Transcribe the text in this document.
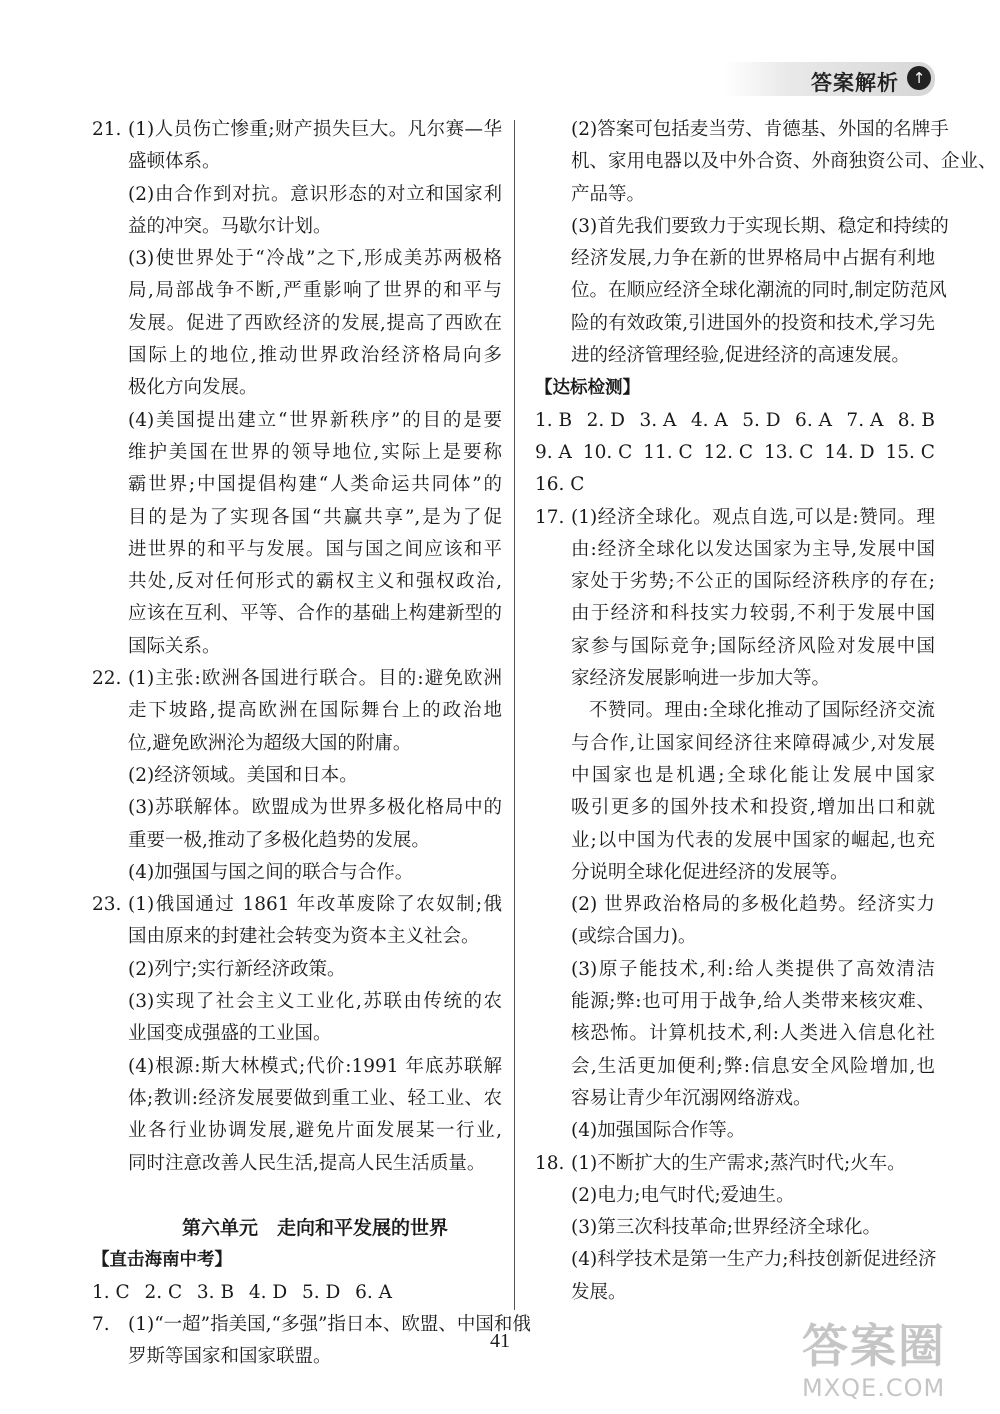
答案解析 ↑
21. (1)人员伤亡惨重;财产损失巨大。凡尔赛—华
盛顿体系。
(2)由合作到对抗。意识形态的对立和国家利
益的冲突。马歇尔计划。
(3)使世界处于“冷战”之下,形成美苏两极格
局,局部战争不断,严重影响了世界的和平与
发展。促进了西欧经济的发展,提高了西欧在
国际上的地位,推动世界政治经济格局向多
极化方向发展。
(4)美国提出建立“世界新秩序”的目的是要
维护美国在世界的领导地位,实际上是要称
霸世界;中国提倡构建“人类命运共同体”的
目的是为了实现各国“共赢共享”,是为了促
进世界的和平与发展。国与国之间应该和平
共处,反对任何形式的霸权主义和强权政治,
应该在互利、平等、合作的基础上构建新型的
国际关系。
22. (1)主张:欧洲各国进行联合。目的:避免欧洲
走下坡路,提高欧洲在国际舞台上的政治地
位,避免欧洲沦为超级大国的附庸。
(2)经济领域。美国和日本。
(3)苏联解体。欧盟成为世界多极化格局中的
重要一极,推动了多极化趋势的发展。
(4)加强国与国之间的联合与合作。
23. (1)俄国通过 1861 年改革废除了农奴制;俄
国由原来的封建社会转变为资本主义社会。
(2)列宁;实行新经济政策。
(3)实现了社会主义工业化,苏联由传统的农
业国变成强盛的工业国。
(4)根源:斯大林模式;代价:1991 年底苏联解
体;教训:经济发展要做到重工业、轻工业、农
业各行业协调发展,避免片面发展某一行业,
同时注意改善人民生活,提高人民生活质量。
第六单元　走向和平发展的世界
【直击海南中考】
1. C 2. C 3. B 4. D 5. D 6. A
7. (1)“一超”指美国,“多强”指日本、欧盟、中国和俄
罗斯等国家和国家联盟。
(2)答案可包括麦当劳、肯德基、外国的名牌手
机、家用电器以及中外合资、外商独资公司、企业、
产品等。
(3)首先我们要致力于实现长期、稳定和持续的
经济发展,力争在新的世界格局中占据有利地
位。在顺应经济全球化潮流的同时,制定防范风
险的有效政策,引进国外的投资和技术,学习先
进的经济管理经验,促进经济的高速发展。
【达标检测】
1. B 2. D 3. A 4. A 5. D 6. A 7. A 8. B
9. A 10. C 11. C 12. C 13. C 14. D 15. C
16. C
17. (1)经济全球化。观点自选,可以是:赞同。理
由:经济全球化以发达国家为主导,发展中国
家处于劣势;不公正的国际经济秩序的存在;
由于经济和科技实力较弱,不利于发展中国
家参与国际竞争;国际经济风险对发展中国
家经济发展影响进一步加大等。
不赞同。理由:全球化推动了国际经济交流
与合作,让国家间经济往来障碍减少,对发展
中国家也是机遇;全球化能让发展中国家
吸引更多的国外技术和投资,增加出口和就
业;以中国为代表的发展中国家的崛起,也充
分说明全球化促进经济的发展等。
(2) 世界政治格局的多极化趋势。经济实力
(或综合国力)。
(3)原子能技术,利:给人类提供了高效清洁
能源;弊:也可用于战争,给人类带来核灾难、
核恐怖。计算机技术,利:人类进入信息化社
会,生活更加便利;弊:信息安全风险增加,也
容易让青少年沉溺网络游戏。
(4)加强国际合作等。
18. (1)不断扩大的生产需求;蒸汽时代;火车。
(2)电力;电气时代;爱迪生。
(3)第三次科技革命;世界经济全球化。
(4)科学技术是第一生产力;科技创新促进经济
发展。
41	答案圈
MXQE.COM
